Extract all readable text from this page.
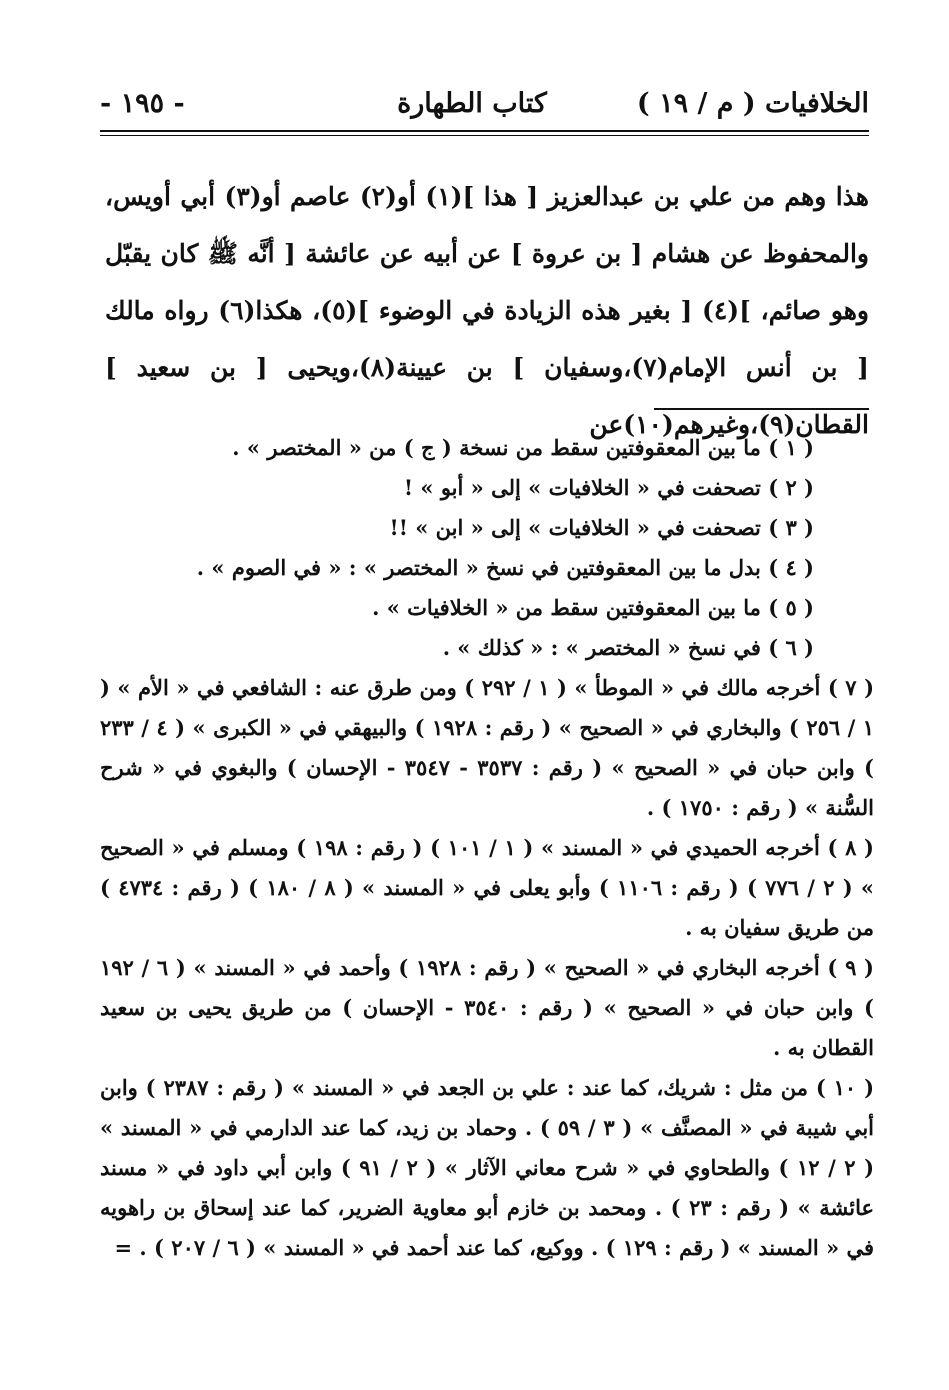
الخلافيات ( م / ١٩ )
كتاب الطهارة
- ١٩٥ -
هذا وهم من علي بن عبدالعزيز [ هذا ](١) أو(٢) عاصم أو(٣) أبي أويس، والمحفوظ عن هشام [ بن عروة ] عن أبيه عن عائشة [ أنَّه ﷺ كان يقبّل وهو صائم، ](٤) [ بغير هذه الزيادة في الوضوء ](٥)، هكذا(٦) رواه مالك [ بن أنس الإمام(٧)،وسفيان ] بن عيينة(٨)،ويحيى [ بن سعيد ] القطان(٩)،وغيرهم(١٠)عن

( ١ ) ما بين المعقوفتين سقط من نسخة ( ج ) من « المختصر » .

( ٢ ) تصحفت في « الخلافيات » إلى « أبو » !

( ٣ ) تصحفت في « الخلافيات » إلى « ابن » !!

( ٤ ) بدل ما بين المعقوفتين في نسخ « المختصر » : « في الصوم » .

( ٥ ) ما بين المعقوفتين سقط من « الخلافيات » .

( ٦ ) في نسخ « المختصر » : « كذلك » .

( ٧ ) أخرجه مالك في « الموطأ » ( ١ / ٢٩٢ ) ومن طرق عنه : الشافعي في « الأم » ( ١ / ٢٥٦ ) والبخاري في « الصحيح » ( رقم : ١٩٢٨ ) والبيهقي في « الكبرى » ( ٤ / ٢٣٣ ) وابن حبان في « الصحيح » ( رقم : ٣٥٣٧ - ٣٥٤٧ - الإحسان ) والبغوي في « شرح السُّنة » ( رقم : ١٧٥٠ ) .

( ٨ ) أخرجه الحميدي في « المسند » ( ١ / ١٠١ ) ( رقم : ١٩٨ ) ومسلم في « الصحيح » ( ٢ / ٧٧٦ ) ( رقم : ١١٠٦ ) وأبو يعلى في « المسند » ( ٨ / ١٨٠ ) ( رقم : ٤٧٣٤ ) من طريق سفيان به .

( ٩ ) أخرجه البخاري في « الصحيح » ( رقم : ١٩٢٨ ) وأحمد في « المسند » ( ٦ / ١٩٢ ) وابن حبان في « الصحيح » ( رقم : ٣٥٤٠ - الإحسان ) من طريق يحيى بن سعيد القطان به .

( ١٠ ) من مثل : شريك، كما عند : علي بن الجعد في « المسند » ( رقم : ٢٣٨٧ ) وابن أبي شيبة في « المصنَّف » ( ٣ / ٥٩ ) . وحماد بن زيد، كما عند الدارمي في « المسند » ( ٢ / ١٢ ) والطحاوي في « شرح معاني الآثار » ( ٢ / ٩١ ) وابن أبي داود في « مسند عائشة » ( رقم : ٢٣ ) . ومحمد بن خازم أبو معاوية الضرير، كما عند إسحاق بن راهويه في « المسند » ( رقم : ١٢٩ ) . ووكيع، كما عند أحمد في « المسند » ( ٦ / ٢٠٧ ) . =
